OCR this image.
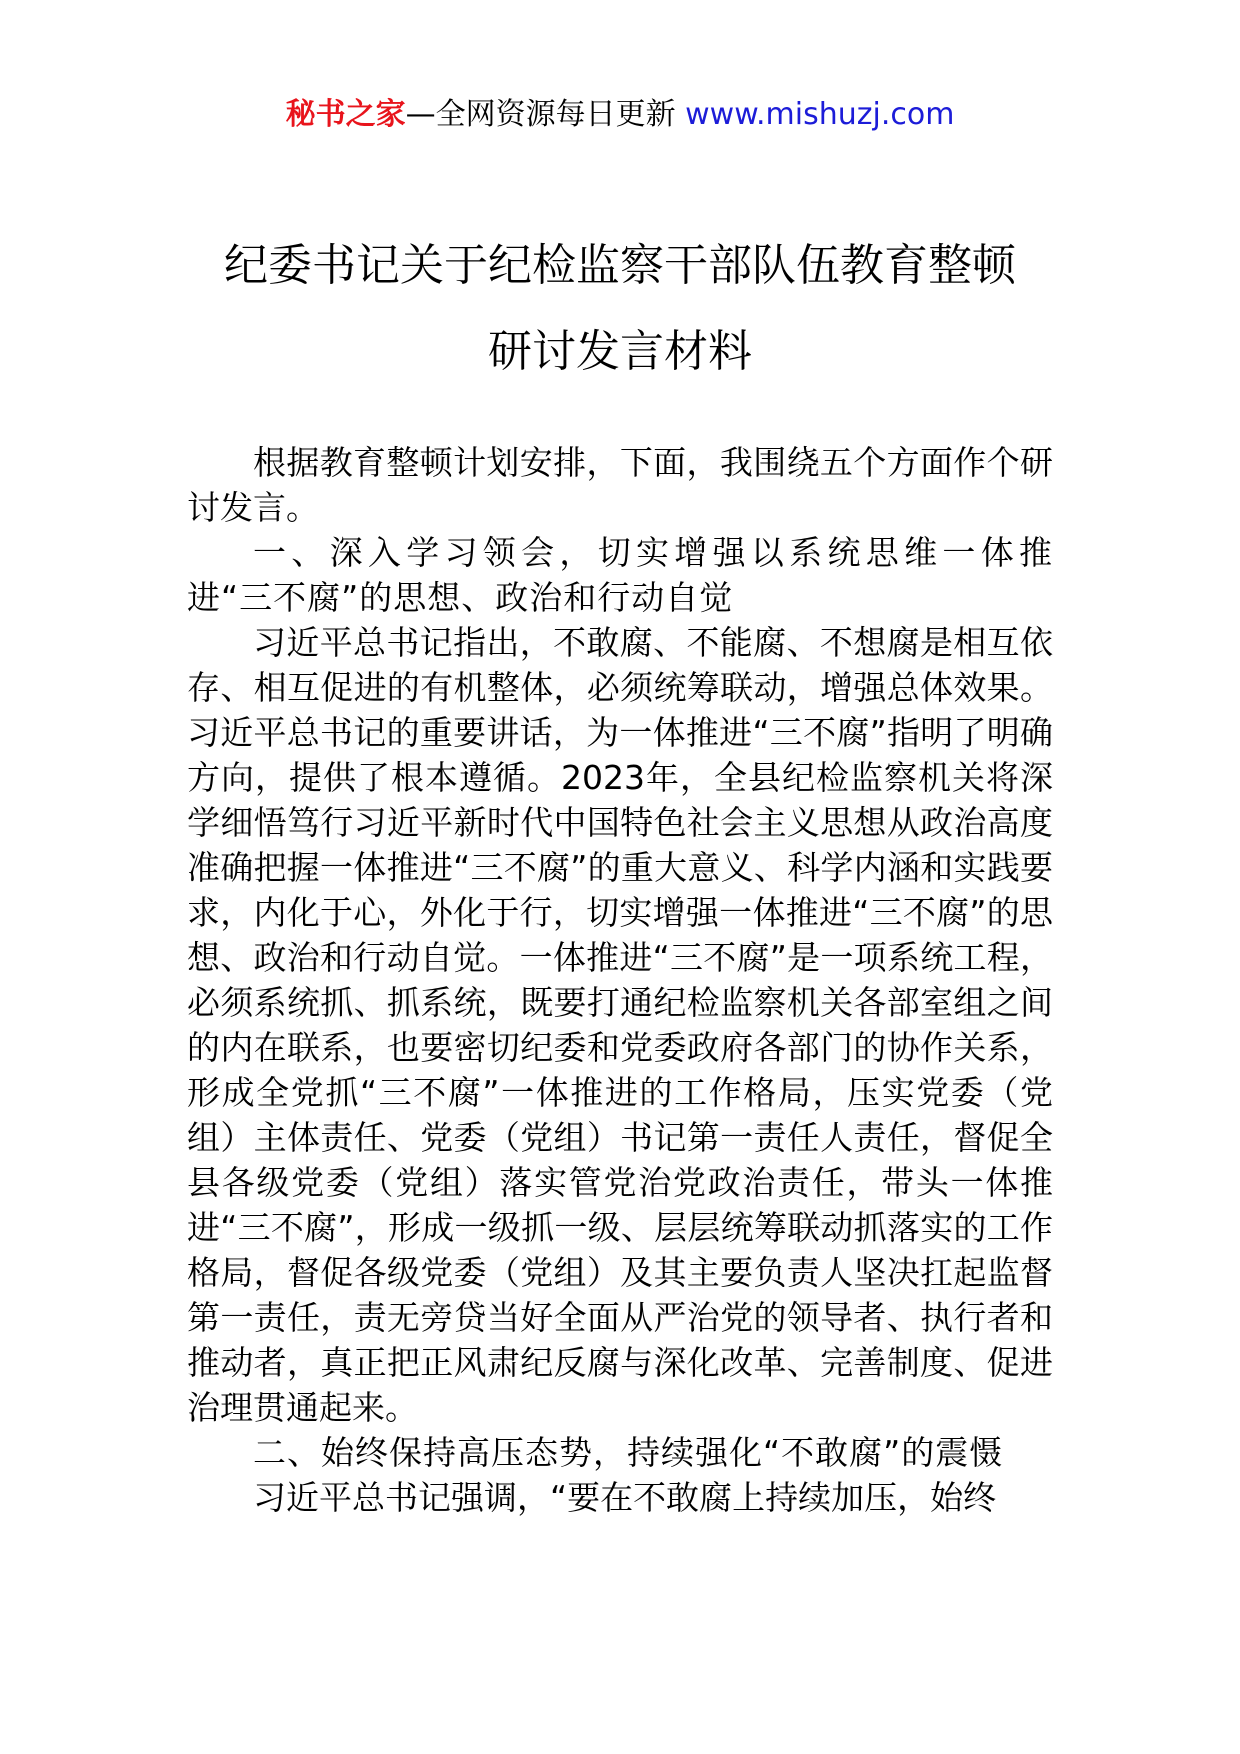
秘书之家—全网资源每日更新 www.mishuzj.com
纪委书记关于纪检监察干部队伍教育整顿
研讨发言材料

根据教育整顿计划安排，下面，我围绕五个方面作个研讨发言。

一、深入学习领会，切实增强以系统思维一体推进“三不腐”的思想、政治和行动自觉

习近平总书记指出，不敢腐、不能腐、不想腐是相互依存、相互促进的有机整体，必须统筹联动，增强总体效果。习近平总书记的重要讲话，为一体推进“三不腐”指明了明确方向，提供了根本遵循。2023年，全县纪检监察机关将深学细悟笃行习近平新时代中国特色社会主义思想从政治高度准确把握一体推进“三不腐”的重大意义、科学内涵和实践要求，内化于心，外化于行，切实增强一体推进“三不腐”的思想、政治和行动自觉。一体推进“三不腐”是一项系统工程，必须系统抓、抓系统，既要打通纪检监察机关各部室组之间的内在联系，也要密切纪委和党委政府各部门的协作关系，形成全党抓“三不腐”一体推进的工作格局，压实党委（党组）主体责任、党委（党组）书记第一责任人责任，督促全县各级党委（党组）落实管党治党政治责任，带头一体推进“三不腐”，形成一级抓一级、层层统筹联动抓落实的工作格局，督促各级党委（党组）及其主要负责人坚决扛起监督第一责任，责无旁贷当好全面从严治党的领导者、执行者和推动者，真正把正风肃纪反腐与深化改革、完善制度、促进治理贯通起来。

二、始终保持高压态势，持续强化“不敢腐”的震慑

习近平总书记强调，“要在不敢腐上持续加压，始终
